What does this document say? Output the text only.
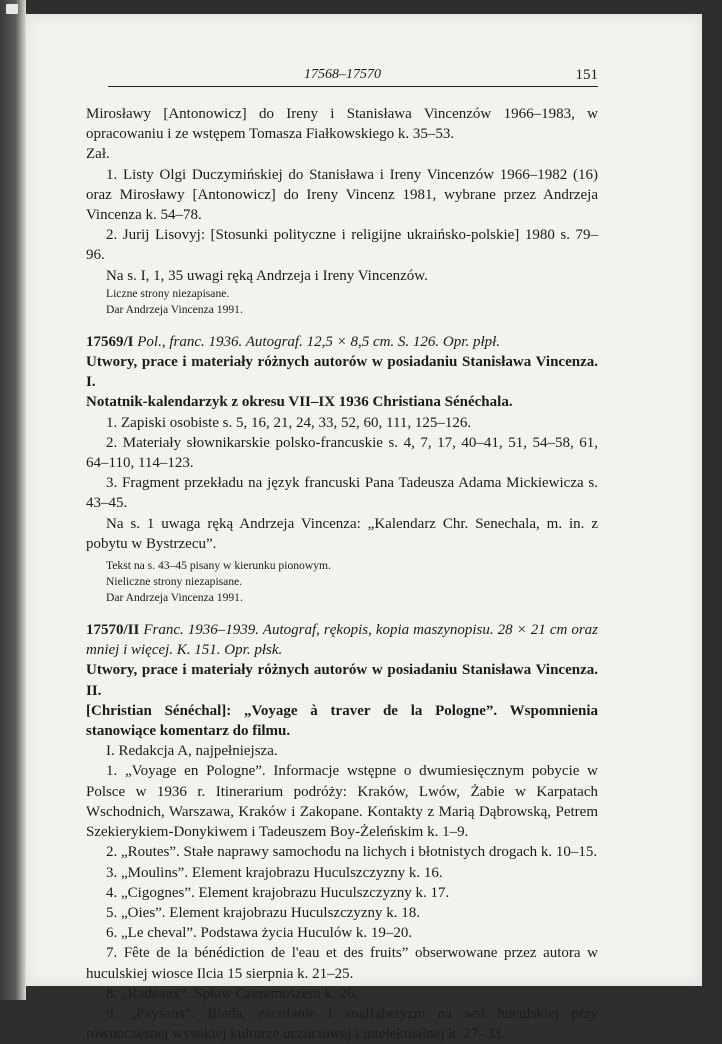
17568–17570	151

Mirosławy [Antonowicz] do Ireny i Stanisława Vincenzów 1966–1983, w opracowaniu i ze wstępem Tomasza Fiałkowskiego k. 35–53.

Zał.

1. Listy Olgi Duczymińskiej do Stanisława i Ireny Vincenzów 1966–1982 (16) oraz Mirosławy [Antonowicz] do Ireny Vincenz 1981, wybrane przez Andrzeja Vincenza k. 54–78.

2. Jurij Lisovyj: [Stosunki polityczne i religijne ukraińsko-polskie] 1980 s. 79–96.

Na s. I, 1, 35 uwagi ręką Andrzeja i Ireny Vincenzów.

Liczne strony niezapisane.

Dar Andrzeja Vincenza 1991.

17569/I Pol., franc. 1936. Autograf. 12,5 × 8,5 cm. S. 126. Opr. płpł.

Utwory, prace i materiały różnych autorów w posiadaniu Stanisława Vincenza. I.

Notatnik-kalendarzyk z okresu VII–IX 1936 Christiana Sénéchala.

1. Zapiski osobiste s. 5, 16, 21, 24, 33, 52, 60, 111, 125–126.

2. Materiały słownikarskie polsko-francuskie s. 4, 7, 17, 40–41, 51, 54–58, 61, 64–110, 114–123.

3. Fragment przekładu na język francuski Pana Tadeusza Adama Mickiewicza s. 43–45.

Na s. 1 uwaga ręką Andrzeja Vincenza: „Kalendarz Chr. Senechala, m. in. z pobytu w Bystrzecu”.

Tekst na s. 43–45 pisany w kierunku pionowym.

Nieliczne strony niezapisane.

Dar Andrzeja Vincenza 1991.

17570/II Franc. 1936–1939. Autograf, rękopis, kopia maszynopisu. 28 × 21 cm oraz mniej i więcej. K. 151. Opr. płsk.

Utwory, prace i materiały różnych autorów w posiadaniu Stanisława Vincenza. II.

[Christian Sénéchal]: „Voyage à traver de la Pologne”. Wspomnienia stanowiące komentarz do filmu.

I. Redakcja A, najpełniejsza.

1. „Voyage en Pologne”. Informacje wstępne o dwumiesięcznym pobycie w Polsce w 1936 r. Itinerarium podróży: Kraków, Lwów, Żabie w Karpatach Wschodnich, Warszawa, Kraków i Zakopane. Kontakty z Marią Dąbrowską, Petrem Szekierykiem-Donykiwem i Tadeuszem Boy-Żeleńskim k. 1–9.

2. „Routes”. Stałe naprawy samochodu na lichych i błotnistych drogach k. 10–15.

3. „Moulins”. Element krajobrazu Huculszczyzny k. 16.

4. „Cigognes”. Element krajobrazu Huculszczyzny k. 17.

5. „Oies”. Element krajobrazu Huculszczyzny k. 18.

6. „Le cheval”. Podstawa życia Huculów k. 19–20.

7. Fête de la bénédiction de l'eau et des fruits” obserwowane przez autora w huculskiej wiosce Ilcia 15 sierpnia k. 21–25.

8. „Radeaux”. Spław Czeremoszem k. 26.

9. „Paysans”. Bieda, zacofanie i analfabetyzm na wsi huculskiej przy równoczesnej wysokiej kulturze uczuciowej i intelektualnej k. 27–33.
